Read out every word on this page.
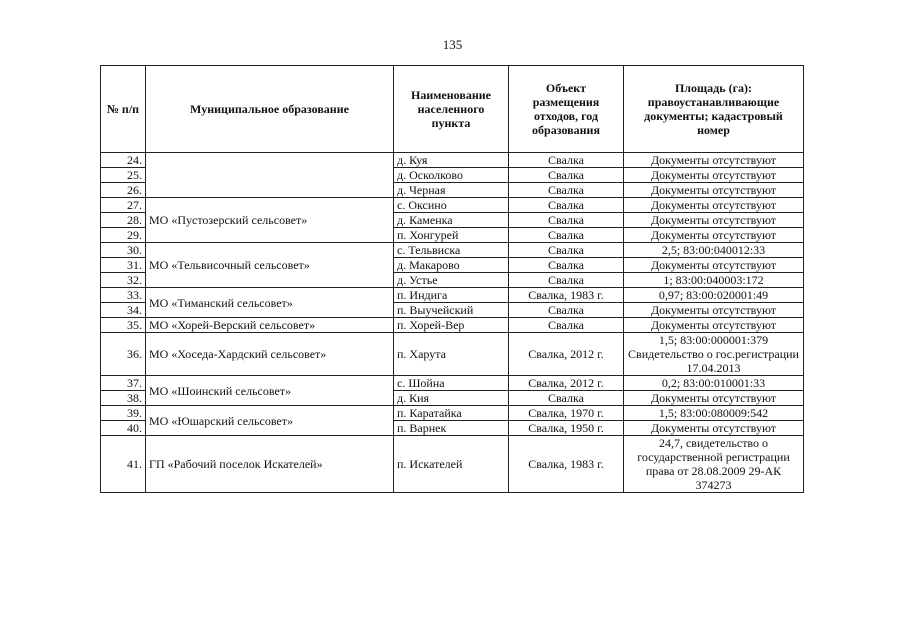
135
№ п/п	Муниципальное образование	Наименование населенного пункта	Объект размещения отходов, год образования	Площадь (га): правоустанавливающие документы; кадастровый номер
24.		д. Куя	Свалка	Документы отсутствуют
25.		д. Осколково	Свалка	Документы отсутствуют
26.		д. Черная	Свалка	Документы отсутствуют
27.	МО «Пустозерский сельсовет»	с. Оксино	Свалка	Документы отсутствуют
28.		д. Каменка	Свалка	Документы отсутствуют
29.		п. Хонгурей	Свалка	Документы отсутствуют
30.	МО «Тельвисочный сельсовет»	с. Тельвиска	Свалка	2,5; 83:00:040012:33
31.		д. Макарово	Свалка	Документы отсутствуют
32.		д. Устье	Свалка	1; 83:00:040003:172
33.	МО «Тиманский сельсовет»	п. Индига	Свалка, 1983 г.	0,97; 83:00:020001:49
34.		п. Выучейский	Свалка	Документы отсутствуют
35.	МО «Хорей-Верский сельсовет»	п. Хорей-Вер	Свалка	Документы отсутствуют
36.	МО «Хоседа-Хардский сельсовет»	п. Харута	Свалка, 2012 г.	1,5; 83:00:000001:379 Свидетельство о гос.регистрации 17.04.2013
37.	МО «Шоинский сельсовет»	с. Шойна	Свалка, 2012 г.	0,2; 83:00:010001:33
38.		д. Кия	Свалка	Документы отсутствуют
39.	МО «Юшарский сельсовет»	п. Каратайка	Свалка, 1970 г.	1,5; 83:00:080009:542
40.		п. Варнек	Свалка, 1950 г.	Документы отсутствуют
41.	ГП «Рабочий поселок Искателей»	п. Искателей	Свалка, 1983 г.	24,7, свидетельство о государственной регистрации права от 28.08.2009 29-АК 374273
